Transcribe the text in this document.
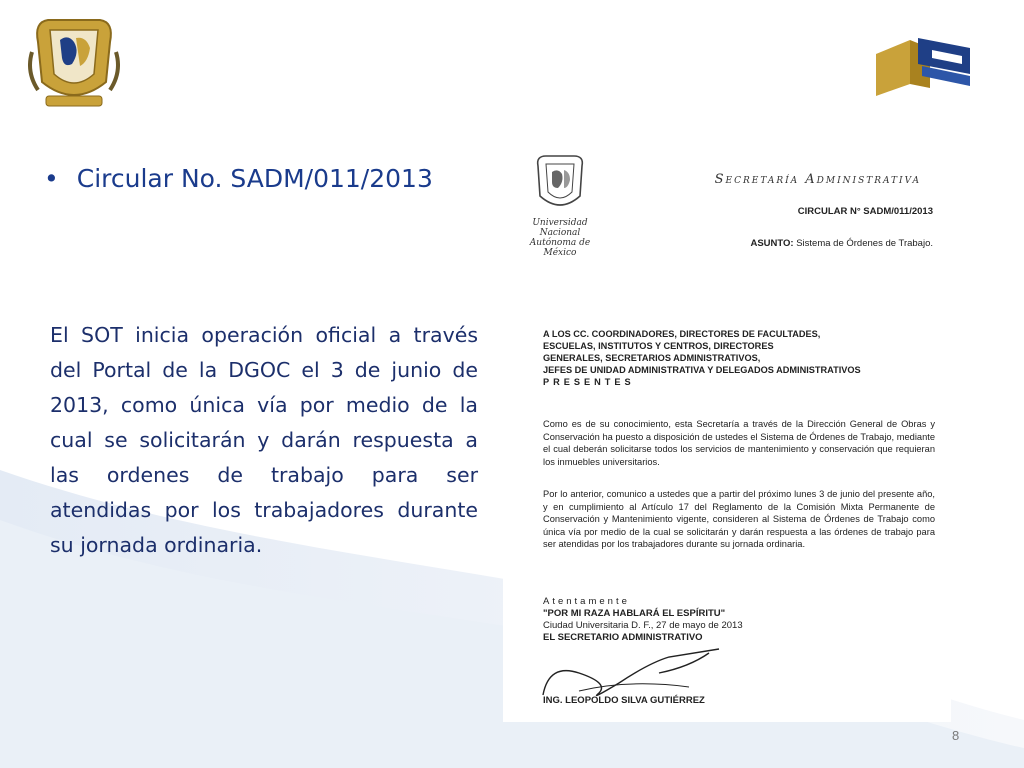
• Circular No. SADM/011/2013

El SOT inicia operación oficial a través del Portal de la DGOC el 3 de junio de 2013, como única vía por medio de la cual se solicitarán y darán respuesta a las ordenes de trabajo para ser atendidas por los trabajadores durante su jornada ordinaria.

Universidad Nacional
Autónoma de
México
Secretaría Administrativa
CIRCULAR N° SADM/011/2013
ASUNTO: Sistema de Órdenes de Trabajo.
A LOS CC. COORDINADORES, DIRECTORES DE FACULTADES,
ESCUELAS, INSTITUTOS Y CENTROS, DIRECTORES
GENERALES, SECRETARIOS ADMINISTRATIVOS,
JEFES DE UNIDAD ADMINISTRATIVA Y DELEGADOS ADMINISTRATIVOS
PRESENTES

Como es de su conocimiento, esta Secretaría a través de la Dirección General de Obras y Conservación ha puesto a disposición de ustedes el Sistema de Órdenes de Trabajo, mediante el cual deberán solicitarse todos los servicios de mantenimiento y conservación que requieran los inmuebles universitarios.

Por lo anterior, comunico a ustedes que a partir del próximo lunes 3 de junio del presente año, y en cumplimiento al Artículo 17 del Reglamento de la Comisión Mixta Permanente de Conservación y Mantenimiento vigente, consideren al Sistema de Órdenes de Trabajo como única vía por medio de la cual se solicitarán y darán respuesta a las órdenes de trabajo para ser atendidas por los trabajadores durante su jornada ordinaria.

Atentamente
"POR MI RAZA HABLARÁ EL ESPÍRITU"
Ciudad Universitaria D. F., 27 de mayo de 2013
EL SECRETARIO ADMINISTRATIVO
ING. LEOPOLDO SILVA GUTIÉRREZ
8
